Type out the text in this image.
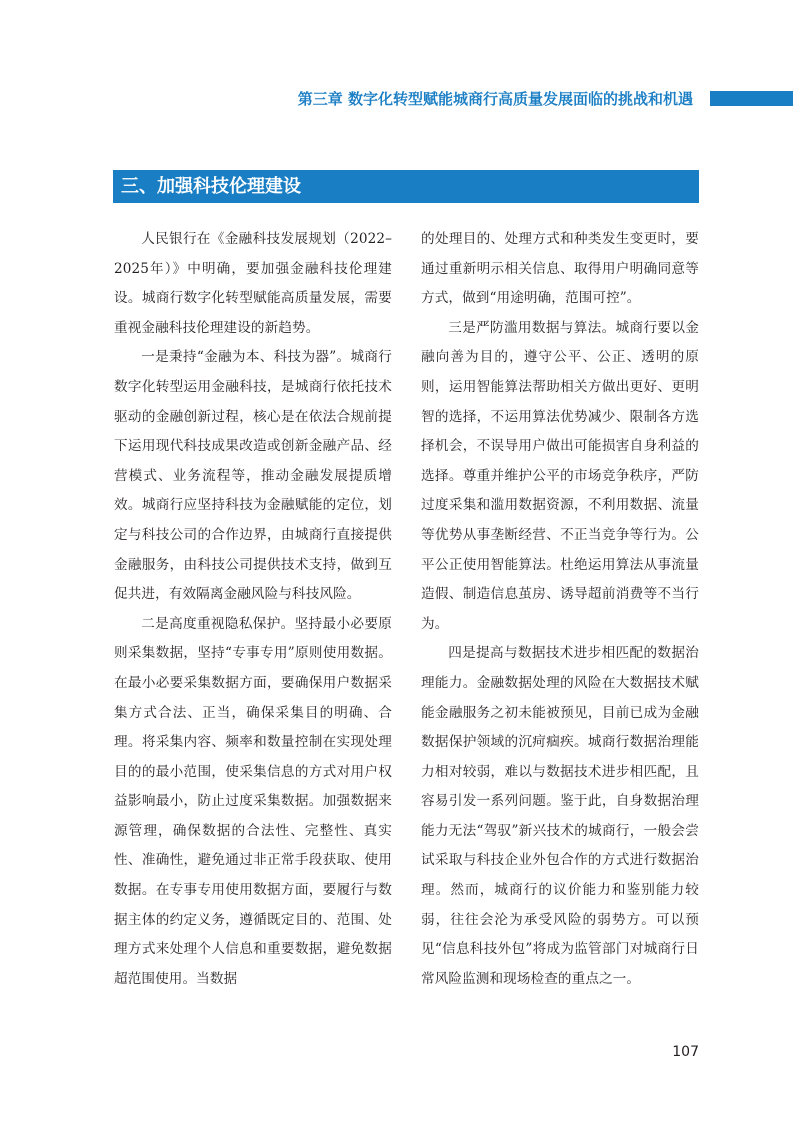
第三章 数字化转型赋能城商行高质量发展面临的挑战和机遇
三、加强科技伦理建设

人民银行在《金融科技发展规划（2022–2025年）》中明确，要加强金融科技伦理建设。城商行数字化转型赋能高质量发展，需要重视金融科技伦理建设的新趋势。

一是秉持“金融为本、科技为器”。城商行数字化转型运用金融科技，是城商行依托技术驱动的金融创新过程，核心是在依法合规前提下运用现代科技成果改造或创新金融产品、经营模式、业务流程等，推动金融发展提质增效。城商行应坚持科技为金融赋能的定位，划定与科技公司的合作边界，由城商行直接提供金融服务，由科技公司提供技术支持，做到互促共进，有效隔离金融风险与科技风险。

二是高度重视隐私保护。坚持最小必要原则采集数据，坚持“专事专用”原则使用数据。在最小必要采集数据方面，要确保用户数据采集方式合法、正当，确保采集目的明确、合理。将采集内容、频率和数量控制在实现处理目的的最小范围，使采集信息的方式对用户权益影响最小，防止过度采集数据。加强数据来源管理，确保数据的合法性、完整性、真实性、准确性，避免通过非正常手段获取、使用数据。在专事专用使用数据方面，要履行与数据主体的约定义务，遵循既定目的、范围、处理方式来处理个人信息和重要数据，避免数据超范围使用。当数据

的处理目的、处理方式和种类发生变更时，要通过重新明示相关信息、取得用户明确同意等方式，做到“用途明确，范围可控”。

三是严防滥用数据与算法。城商行要以金融向善为目的，遵守公平、公正、透明的原则，运用智能算法帮助相关方做出更好、更明智的选择，不运用算法优势减少、限制各方选择机会，不误导用户做出可能损害自身利益的选择。尊重并维护公平的市场竞争秩序，严防过度采集和滥用数据资源，不利用数据、流量等优势从事垄断经营、不正当竞争等行为。公平公正使用智能算法。杜绝运用算法从事流量造假、制造信息茧房、诱导超前消费等不当行为。

四是提高与数据技术进步相匹配的数据治理能力。金融数据处理的风险在大数据技术赋能金融服务之初未能被预见，目前已成为金融数据保护领域的沉疴痼疾。城商行数据治理能力相对较弱，难以与数据技术进步相匹配，且容易引发一系列问题。鉴于此，自身数据治理能力无法“驾驭”新兴技术的城商行，一般会尝试采取与科技企业外包合作的方式进行数据治理。然而，城商行的议价能力和鉴别能力较弱，往往会沦为承受风险的弱势方。可以预见“信息科技外包”将成为监管部门对城商行日常风险监测和现场检查的重点之一。

107
